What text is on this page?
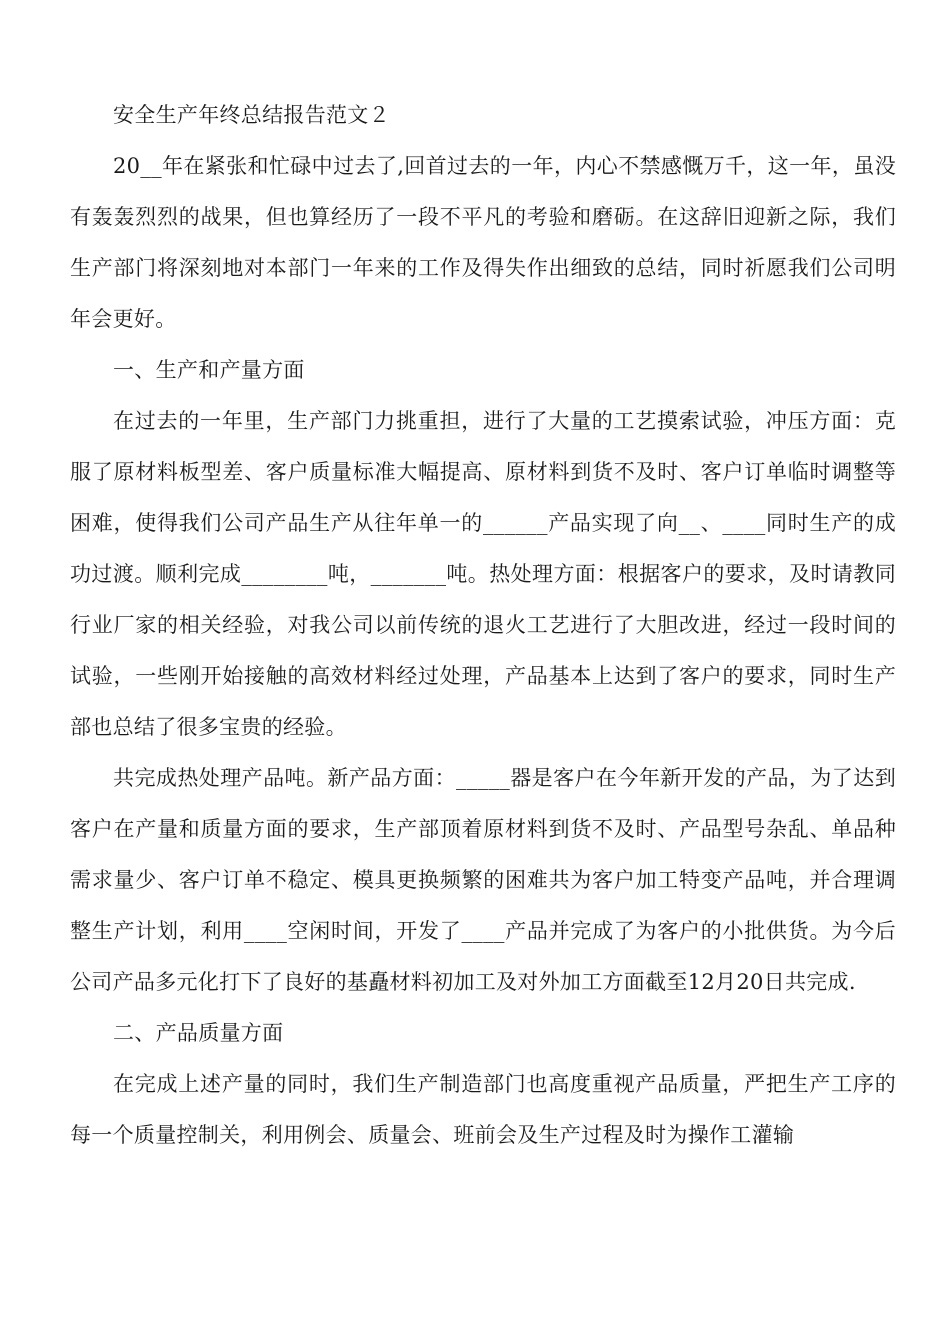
安全生产年终总结报告范文２

20__年在紧张和忙碌中过去了,回首过去的一年，内心不禁感慨万千，这一年，虽没有轰轰烈烈的战果，但也算经历了一段不平凡的考验和磨砺。在这辞旧迎新之际，我们生产部门将深刻地对本部门一年来的工作及得失作出细致的总结，同时祈愿我们公司明年会更好。

一、生产和产量方面

在过去的一年里，生产部门力挑重担，进行了大量的工艺摸索试验，冲压方面：克服了原材料板型差、客户质量标准大幅提高、原材料到货不及时、客户订单临时调整等困难，使得我们公司产品生产从往年单一的______产品实现了向__、____同时生产的成功过渡。顺利完成________吨，_______吨。热处理方面：根据客户的要求，及时请教同行业厂家的相关经验，对我公司以前传统的退火工艺进行了大胆改进，经过一段时间的试验，一些刚开始接触的高效材料经过处理，产品基本上达到了客户的要求，同时生产部也总结了很多宝贵的经验。

共完成热处理产品吨。新产品方面：_____器是客户在今年新开发的产品，为了达到客户在产量和质量方面的要求，生产部顶着原材料到货不及时、产品型号杂乱、单品种需求量少、客户订单不稳定、模具更换频繁的困难共为客户加工特变产品吨，并合理调整生产计划，利用____空闲时间，开发了____产品并完成了为客户的小批供货。为今后公司产品多元化打下了良好的基矗材料初加工及对外加工方面截至12月20日共完成.

二、产品质量方面

在完成上述产量的同时，我们生产制造部门也高度重视产品质量，严把生产工序的每一个质量控制关，利用例会、质量会、班前会及生产过程及时为操作工灌输
